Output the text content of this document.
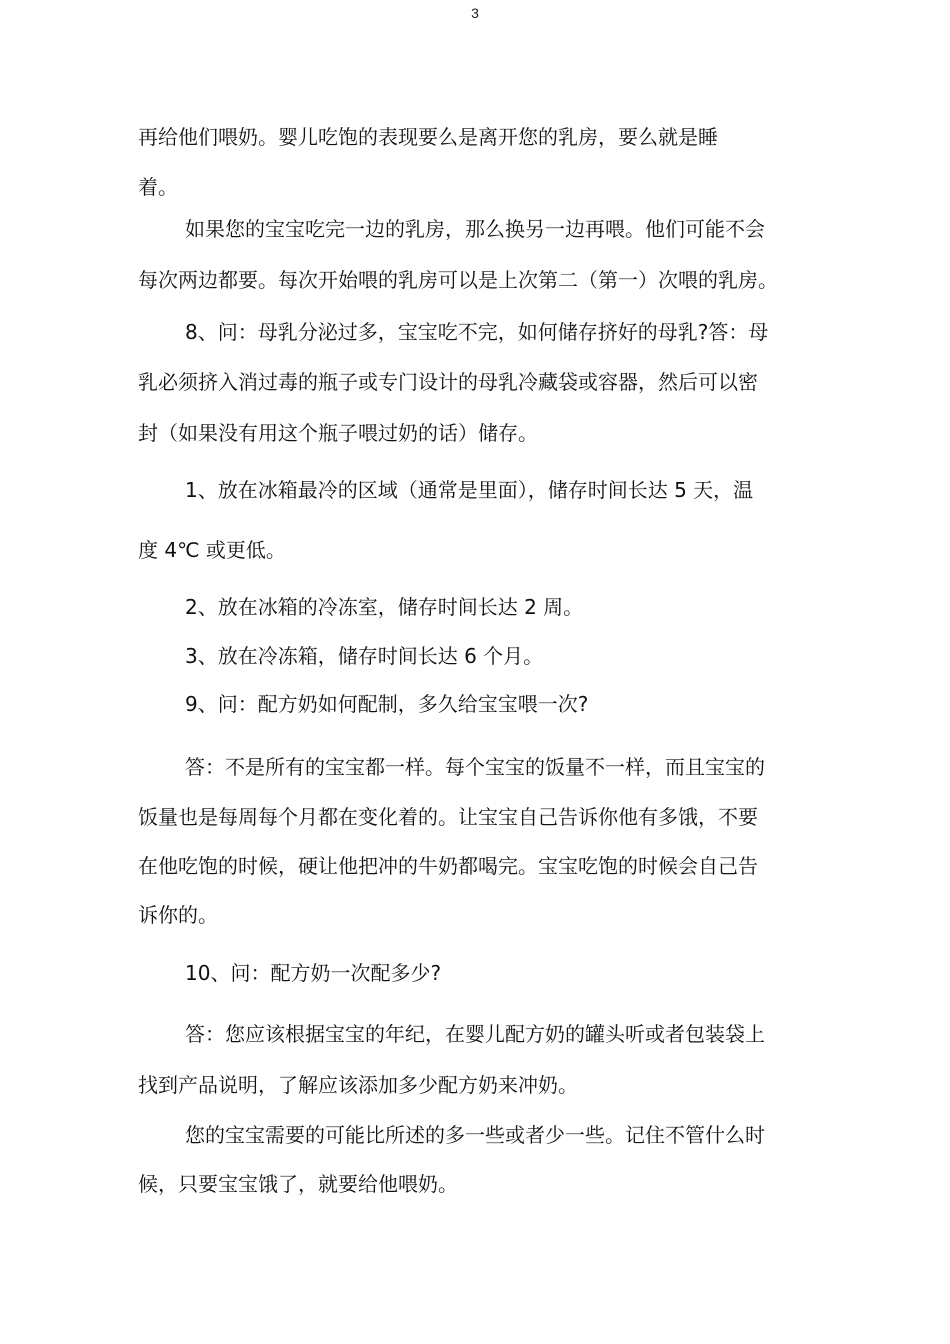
3
再给他们喂奶。婴儿吃饱的表现要么是离开您的乳房，要么就是睡
着。
如果您的宝宝吃完一边的乳房，那么换另一边再喂。他们可能不会
每次两边都要。每次开始喂的乳房可以是上次第二（第一）次喂的乳房。
8、问：母乳分泌过多，宝宝吃不完，如何储存挤好的母乳?答：母
乳必须挤入消过毒的瓶子或专门设计的母乳冷藏袋或容器，然后可以密
封（如果没有用这个瓶子喂过奶的话）储存。
1、放在冰箱最冷的区域（通常是里面），储存时间长达 5 天，温
度 4℃ 或更低。
2、放在冰箱的冷冻室，储存时间长达 2 周。
3、放在冷冻箱，储存时间长达 6 个月。
9、问：配方奶如何配制，多久给宝宝喂一次?
答：不是所有的宝宝都一样。每个宝宝的饭量不一样，而且宝宝的
饭量也是每周每个月都在变化着的。让宝宝自己告诉你他有多饿，不要
在他吃饱的时候，硬让他把冲的牛奶都喝完。宝宝吃饱的时候会自己告
诉你的。
10、问：配方奶一次配多少?
答：您应该根据宝宝的年纪，在婴儿配方奶的罐头听或者包装袋上
找到产品说明，了解应该添加多少配方奶来冲奶。
您的宝宝需要的可能比所述的多一些或者少一些。记住不管什么时
候，只要宝宝饿了，就要给他喂奶。
